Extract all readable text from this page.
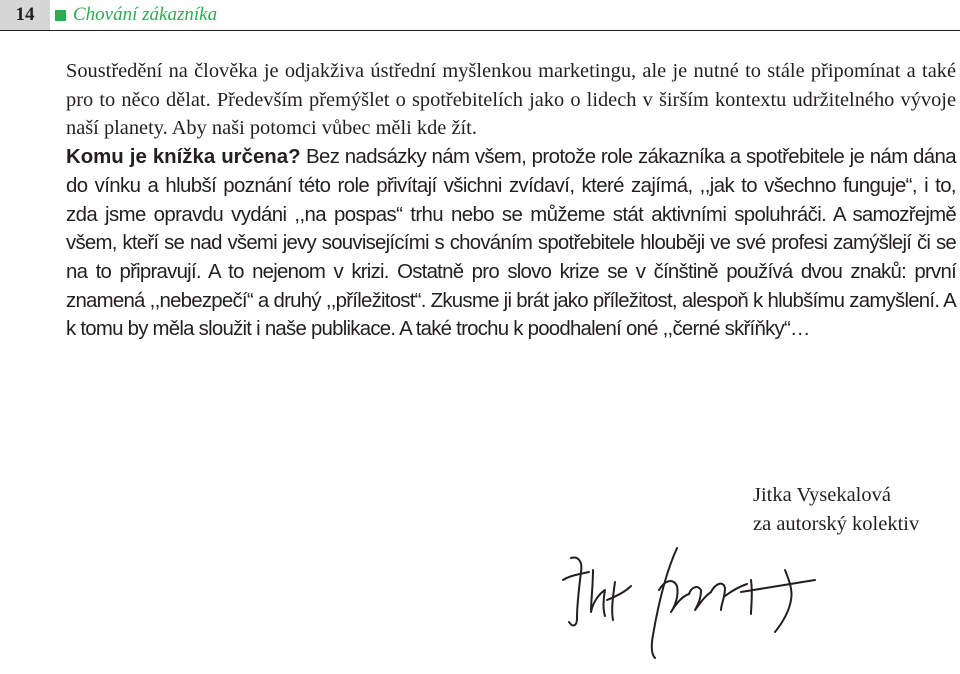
14	Chování zákazníka

Soustředění na člověka je odjakživa ústřední myšlenkou marketingu, ale je nutné to stále připomínat a také pro to něco dělat. Především přemýšlet o spotřebitelích jako o lidech v širším kontextu udržitelného vývoje naší planety. Aby naši potomci vůbec měli kde žít.

Komu je knížka určena? Bez nadsázky nám všem, protože role zákazníka a spotřebitele je nám dána do vínku a hlubší poznání této role přivítají všichni zvídaví, které zajímá, ,,jak to všechno funguje“, i to, zda jsme opravdu vydáni ,,na pospas“ trhu nebo se můžeme stát aktivními spoluhráči. A samozřejmě všem, kteří se nad všemi jevy souvisejícími s chováním spotřebitele hlouběji ve své profesi zamýšlejí či se na to připravují. A to nejenom v krizi. Ostatně pro slovo krize se v čínštině používá dvou znaků: první znamená ,,nebezpečí“ a druhý ,,příležitost“. Zkusme ji brát jako příležitost, alespoň k hlubšímu zamyšlení. A k tomu by měla sloužit i naše publikace. A také trochu k poodhalení oné ,,černé skříňky“…

Jitka Vysekalová
za autorský kolektiv
